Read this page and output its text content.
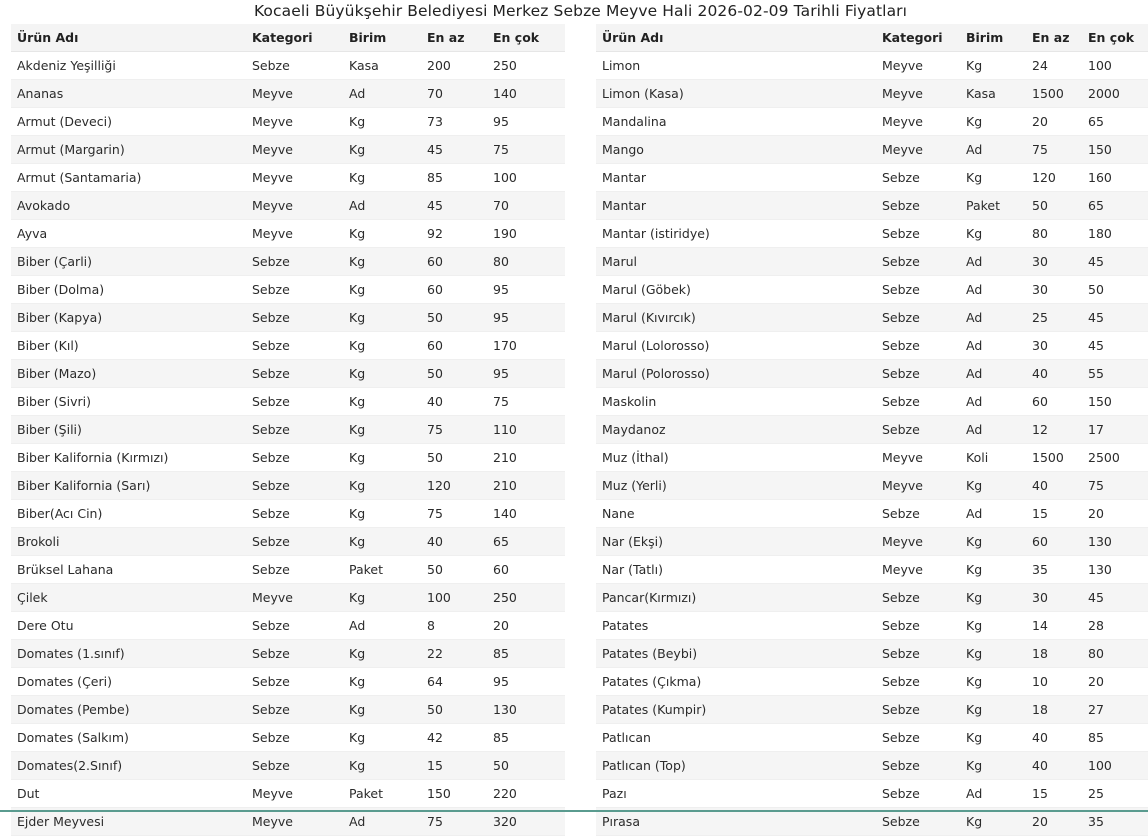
Kocaeli Büyükşehir Belediyesi Merkez Sebze Meyve Hali 2026-02-09 Tarihli Fiyatları
Ürün Adı	Kategori	Birim	En az	En çok
Akdeniz Yeşilliği	Sebze	Kasa	200	250
Ananas	Meyve	Ad	70	140
Armut (Deveci)	Meyve	Kg	73	95
Armut (Margarin)	Meyve	Kg	45	75
Armut (Santamaria)	Meyve	Kg	85	100
Avokado	Meyve	Ad	45	70
Ayva	Meyve	Kg	92	190
Biber (Çarli)	Sebze	Kg	60	80
Biber (Dolma)	Sebze	Kg	60	95
Biber (Kapya)	Sebze	Kg	50	95
Biber (Kıl)	Sebze	Kg	60	170
Biber (Mazo)	Sebze	Kg	50	95
Biber (Sivri)	Sebze	Kg	40	75
Biber (Şili)	Sebze	Kg	75	110
Biber Kalifornia (Kırmızı)	Sebze	Kg	50	210
Biber Kalifornia (Sarı)	Sebze	Kg	120	210
Biber(Acı Cin)	Sebze	Kg	75	140
Brokoli	Sebze	Kg	40	65
Brüksel Lahana	Sebze	Paket	50	60
Çilek	Meyve	Kg	100	250
Dere Otu	Sebze	Ad	8	20
Domates (1.sınıf)	Sebze	Kg	22	85
Domates (Çeri)	Sebze	Kg	64	95
Domates (Pembe)	Sebze	Kg	50	130
Domates (Salkım)	Sebze	Kg	42	85
Domates(2.Sınıf)	Sebze	Kg	15	50
Dut	Meyve	Paket	150	220
Ejder Meyvesi	Meyve	Ad	75	320
Ürün Adı	Kategori	Birim	En az	En çok
Limon	Meyve	Kg	24	100
Limon (Kasa)	Meyve	Kasa	1500	2000
Mandalina	Meyve	Kg	20	65
Mango	Meyve	Ad	75	150
Mantar	Sebze	Kg	120	160
Mantar	Sebze	Paket	50	65
Mantar (istiridye)	Sebze	Kg	80	180
Marul	Sebze	Ad	30	45
Marul (Göbek)	Sebze	Ad	30	50
Marul (Kıvırcık)	Sebze	Ad	25	45
Marul (Lolorosso)	Sebze	Ad	30	45
Marul (Polorosso)	Sebze	Ad	40	55
Maskolin	Sebze	Ad	60	150
Maydanoz	Sebze	Ad	12	17
Muz (İthal)	Meyve	Koli	1500	2500
Muz (Yerli)	Meyve	Kg	40	75
Nane	Sebze	Ad	15	20
Nar (Ekşi)	Meyve	Kg	60	130
Nar (Tatlı)	Meyve	Kg	35	130
Pancar(Kırmızı)	Sebze	Kg	30	45
Patates	Sebze	Kg	14	28
Patates (Beybi)	Sebze	Kg	18	80
Patates (Çıkma)	Sebze	Kg	10	20
Patates (Kumpir)	Sebze	Kg	18	27
Patlıcan	Sebze	Kg	40	85
Patlıcan (Top)	Sebze	Kg	40	100
Pazı	Sebze	Ad	15	25
Pırasa	Sebze	Kg	20	35
